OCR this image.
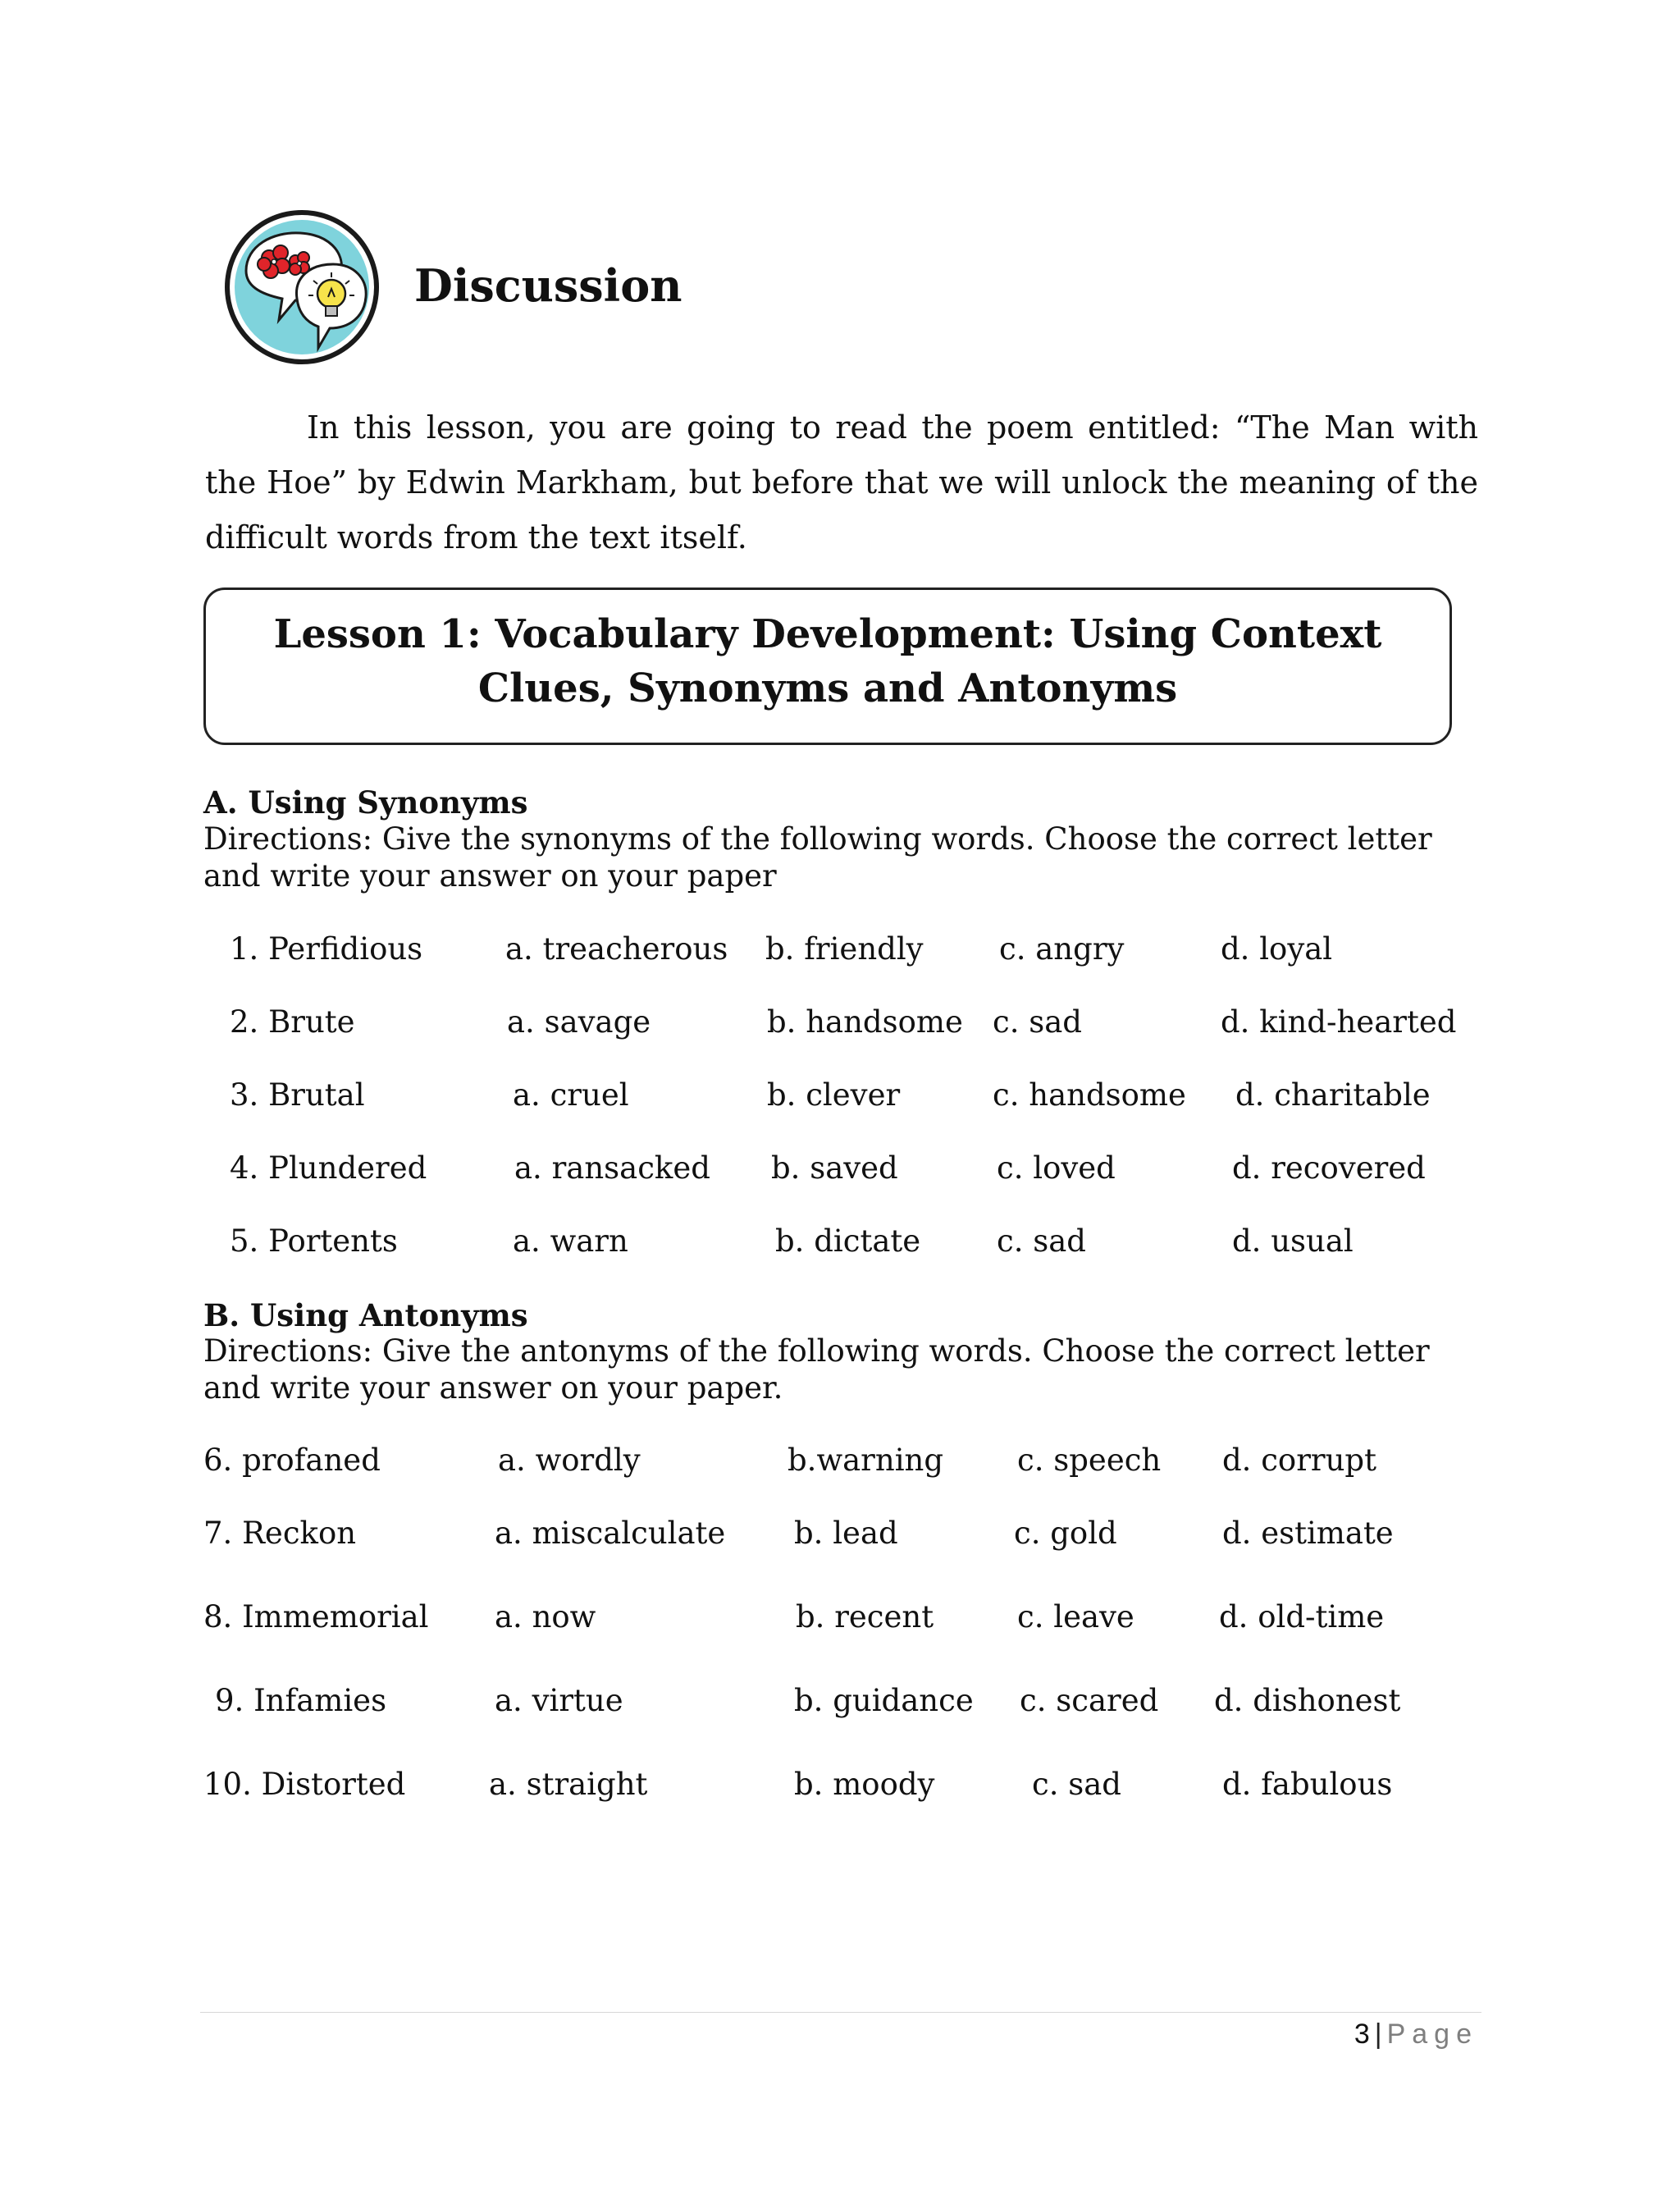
Discussion

In this lesson, you are going to read the poem entitled: “The Man with the Hoe” by Edwin Markham, but before that we will unlock the meaning of the difficult words from the text itself.

Lesson 1: Vocabulary Development: Using Context
Clues, Synonyms and Antonyms
A. Using Synonyms
Directions: Give the synonyms of the following words. Choose the correct letter and write your answer on your paper
1. Perfidious	a. treacherous b. friendly c. angry	d. loyal
2. Brute	a. savage	b. handsome c. sad	d. kind-hearted
3. Brutal	a. cruel	b. clever	c. handsome d. charitable
4. Plundered	a. ransacked b. saved	c. loved	d. recovered
5. Portents	a. warn	b. dictate	c. sad	d. usual
B. Using Antonyms
Directions: Give the antonyms of the following words. Choose the correct letter and write your answer on your paper.
6. profaned	a. wordly	b.warning c. speech d. corrupt
7. Reckon	a. miscalculate b. lead	c. gold	d. estimate
8. Immemorial a. now	b. recent	c. leave	d. old-time
9. Infamies	a. virtue	b. guidance c. scared d. dishonest
10. Distorted	a. straight	b. moody	c. sad	d. fabulous
3 | Page
